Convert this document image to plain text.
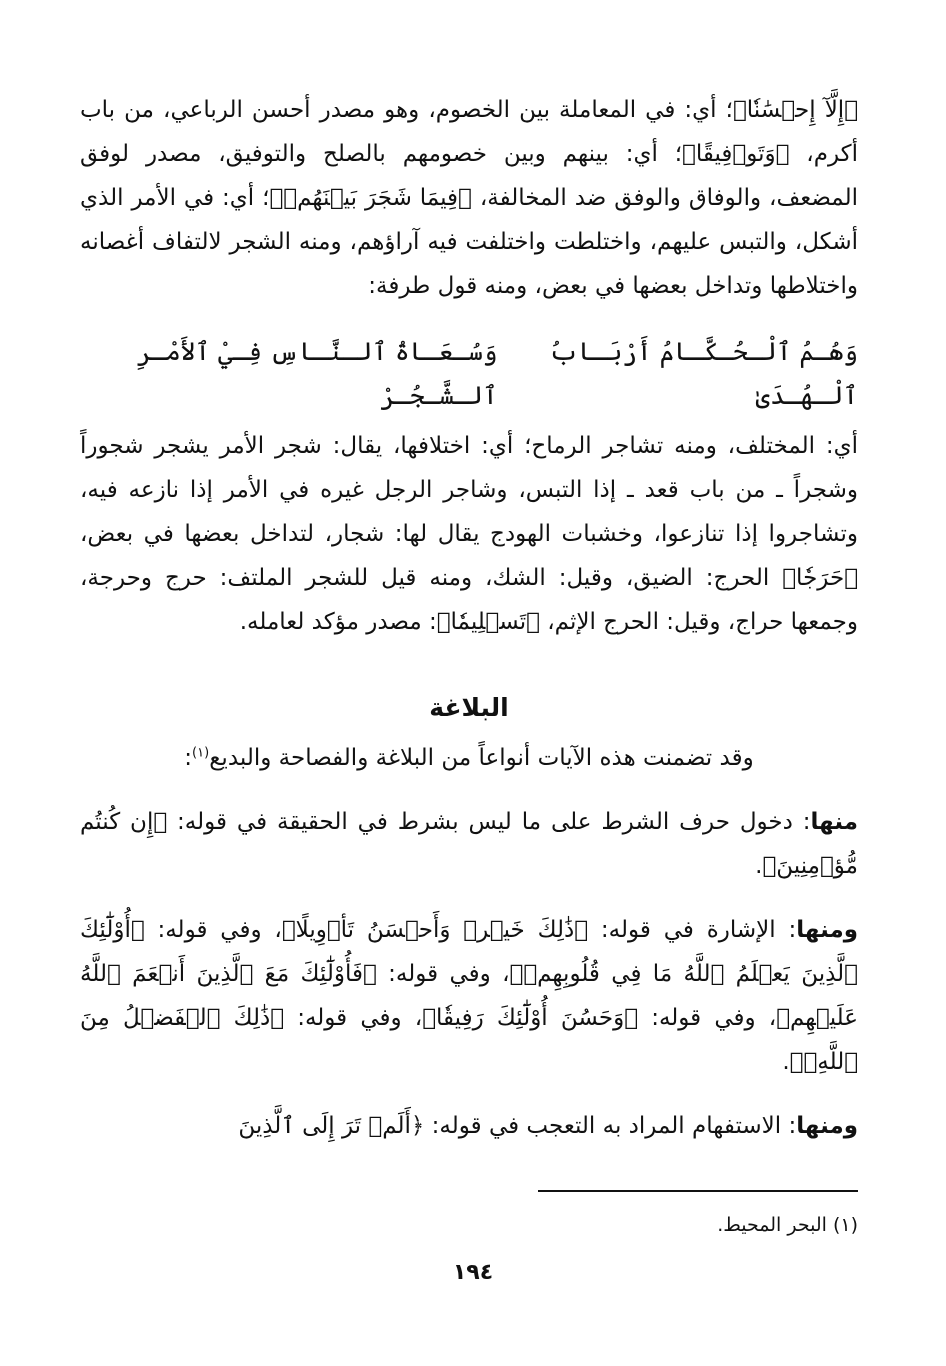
﴿إِلَّآ إِحۡسَٰنٗا﴾؛ أي: في المعاملة بين الخصوم، وهو مصدر أحسن الرباعي، من باب أكرم، ﴿وَتَوۡفِيقًا﴾؛ أي: بينهم وبين خصومهم بالصلح والتوفيق، مصدر لوفق المضعف، والوفاق والوفق ضد المخالفة، ﴿فِيمَا شَجَرَ بَيۡنَهُمۡ﴾؛ أي: في الأمر الذي أشكل، والتبس عليهم، واختلطت واختلفت فيه آراؤهم، ومنه الشجر لالتفاف أغصانه واختلاطها وتداخل بعضها في بعض، ومنه قول طرفة:

وَهُـمُ ٱلْـحُـكَّـامُ أَرْبَـابُ ٱلْـهُـدَىٰ
وَسُـعَـاةُ ٱلـنَّـاسِ فِـيْ ٱلأَمْـرِ ٱلـشَّـجُـرْ

أي: المختلف، ومنه تشاجر الرماح؛ أي: اختلافها، يقال: شجر الأمر يشجر شجوراً وشجراً ـ من باب قعد ـ إذا التبس، وشاجر الرجل غيره في الأمر إذا نازعه فيه، وتشاجروا إذا تنازعوا، وخشبات الهودج يقال لها: شجار، لتداخل بعضها في بعض، ﴿حَرَجٗا﴾ الحرج: الضيق، وقيل: الشك، ومنه قيل للشجر الملتف: حرج وحرجة، وجمعها حراج، وقيل: الحرج الإثم، ﴿تَسۡلِيمٗا﴾: مصدر مؤكد لعامله.

البلاغة

وقد تضمنت هذه الآيات أنواعاً من البلاغة والفصاحة والبديع$^{(١)}$:

منها: دخول حرف الشرط على ما ليس بشرط في الحقيقة في قوله: ﴿إِن كُنتُم مُّؤۡمِنِينَ﴾.

ومنها: الإشارة في قوله: ﴿ذَٰلِكَ خَيۡرٞ وَأَحۡسَنُ تَأۡوِيلًا﴾، وفي قوله: ﴿أُوْلَٰٓئِكَ ٱلَّذِينَ يَعۡلَمُ ٱللَّهُ مَا فِي قُلُوبِهِمۡ﴾، وفي قوله: ﴿فَأُوْلَٰٓئِكَ مَعَ ٱلَّذِينَ أَنۡعَمَ ٱللَّهُ عَلَيۡهِم﴾، وفي قوله: ﴿وَحَسُنَ أُوْلَٰٓئِكَ رَفِيقٗا﴾، وفي قوله: ﴿ذَٰلِكَ ٱلۡفَضۡلُ مِنَ ٱللَّهِۚ﴾.

ومنها: الاستفهام المراد به التعجب في قوله: ﴿أَلَمۡ تَرَ إِلَى ٱلَّذِينَ

(١) البحر المحيط.
١٩٤
